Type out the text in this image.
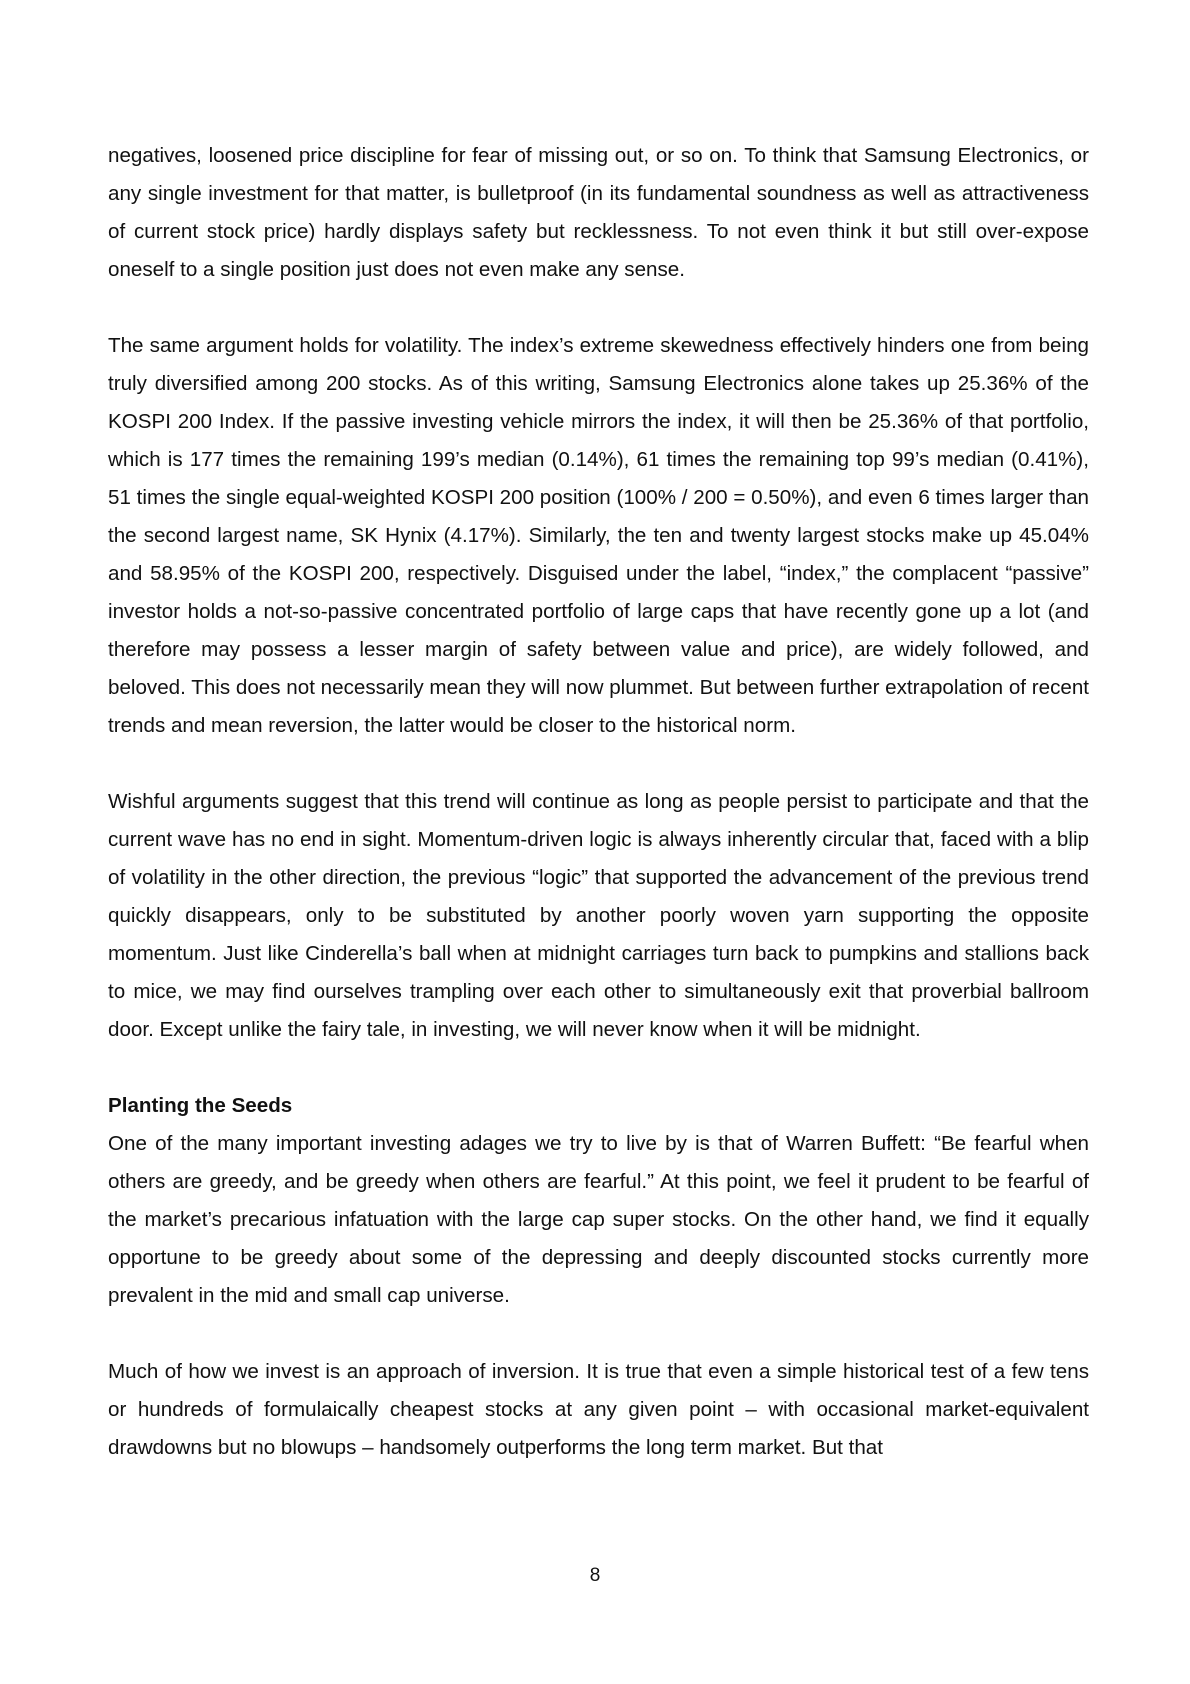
negatives, loosened price discipline for fear of missing out, or so on. To think that Samsung Electronics, or any single investment for that matter, is bulletproof (in its fundamental soundness as well as attractiveness of current stock price) hardly displays safety but recklessness. To not even think it but still over-expose oneself to a single position just does not even make any sense.

The same argument holds for volatility. The index’s extreme skewedness effectively hinders one from being truly diversified among 200 stocks. As of this writing, Samsung Electronics alone takes up 25.36% of the KOSPI 200 Index. If the passive investing vehicle mirrors the index, it will then be 25.36% of that portfolio, which is 177 times the remaining 199’s median (0.14%), 61 times the remaining top 99’s median (0.41%), 51 times the single equal-weighted KOSPI 200 position (100% / 200 = 0.50%), and even 6 times larger than the second largest name, SK Hynix (4.17%). Similarly, the ten and twenty largest stocks make up 45.04% and 58.95% of the KOSPI 200, respectively. Disguised under the label, “index,” the complacent “passive” investor holds a not-so-passive concentrated portfolio of large caps that have recently gone up a lot (and therefore may possess a lesser margin of safety between value and price), are widely followed, and beloved. This does not necessarily mean they will now plummet. But between further extrapolation of recent trends and mean reversion, the latter would be closer to the historical norm.

Wishful arguments suggest that this trend will continue as long as people persist to participate and that the current wave has no end in sight. Momentum-driven logic is always inherently circular that, faced with a blip of volatility in the other direction, the previous “logic” that supported the advancement of the previous trend quickly disappears, only to be substituted by another poorly woven yarn supporting the opposite momentum. Just like Cinderella’s ball when at midnight carriages turn back to pumpkins and stallions back to mice, we may find ourselves trampling over each other to simultaneously exit that proverbial ballroom door. Except unlike the fairy tale, in investing, we will never know when it will be midnight.

Planting the Seeds

One of the many important investing adages we try to live by is that of Warren Buffett: “Be fearful when others are greedy, and be greedy when others are fearful.” At this point, we feel it prudent to be fearful of the market’s precarious infatuation with the large cap super stocks. On the other hand, we find it equally opportune to be greedy about some of the depressing and deeply discounted stocks currently more prevalent in the mid and small cap universe.

Much of how we invest is an approach of inversion. It is true that even a simple historical test of a few tens or hundreds of formulaically cheapest stocks at any given point – with occasional market-equivalent drawdowns but no blowups – handsomely outperforms the long term market. But that

8
